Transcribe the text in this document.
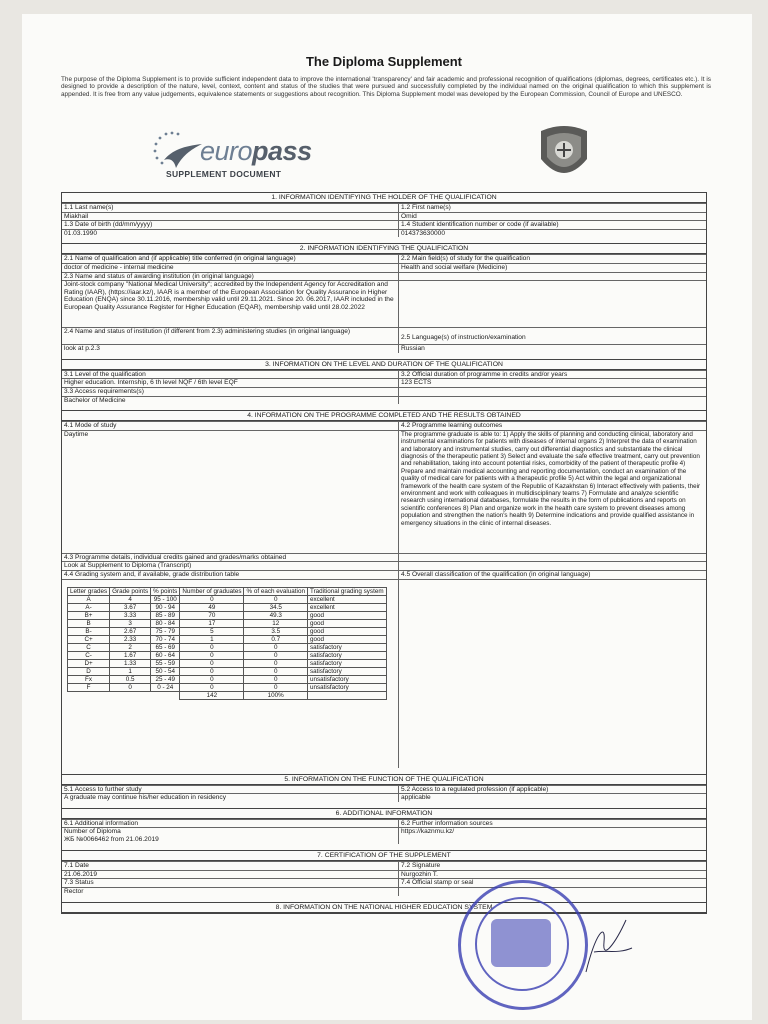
The Diploma Supplement
The purpose of the Diploma Supplement is to provide sufficient independent data to improve the international 'transparency' and fair academic and professional recognition of qualifications (diplomas, degrees, certificates etc.). It is designed to provide a description of the nature, level, context, content and status of the studies that were pursued and successfully completed by the individual named on the original qualification to which this supplement is appended. It is free from any value judgements, equivalence statements or suggestions about recognition. This Diploma Supplement model was developed by the European Commission, Council of Europe and UNESCO.
europass
SUPPLEMENT DOCUMENT
1. INFORMATION IDENTIFYING THE HOLDER OF THE QUALIFICATION
1.1 Last name(s)	1.2 First name(s)
Miakhail	Omid
1.3 Date of birth (dd/mm/yyyy)	1.4 Student identification number or code (if available)
01.03.1990	014373630000
2. INFORMATION IDENTIFYING THE QUALIFICATION
2.1 Name of qualification and (if applicable) title conferred (in original language)	2.2 Main field(s) of study for the qualification
doctor of medicine - internal medicine	Health and social welfare (Medicine)
2.3 Name and status of awarding institution (in original language)
Joint-stock company "National Medical University"; accredited by the Independent Agency for Accreditation and Rating (IAAR), (https://iaar.kz/), IAAR is a member of the European Association for Quality Assurance in Higher Education (ENQA) since 30.11.2016, membership valid until 29.11.2021. Since 20. 06.2017, IAAR included in the European Quality Assurance Register for Higher Education (EQAR), membership valid until 28.02.2022
2.4 Name and status of institution (if different from 2.3) administering studies (in original language)
2.5 Language(s) of instruction/examination
look at p.2.3	Russian
3. INFORMATION ON THE LEVEL AND DURATION OF THE QUALIFICATION
3.1 Level of the qualification	3.2 Official duration of programme in credits and/or years
Higher education. Internship, 6 th level NQF / 6th level EQF	123 ECTS
3.3 Access requirements(s)
Bachelor of Medicine
4. INFORMATION ON THE PROGRAMME COMPLETED AND THE RESULTS OBTAINED
4.1 Mode of study	4.2 Programme learning outcomes
Daytime	The programme graduate is able to: 1) Apply the skills of planning and conducting clinical, laboratory and instrumental examinations for patients with diseases of internal organs 2) Interpret the data of examination and laboratory and instrumental studies, carry out differential diagnostics and substantiate the clinical diagnosis of the therapeutic patient 3) Select and evaluate the safe effective treatment, carry out prevention and rehabilitation, taking into account potential risks, comorbidity of the patient of therapeutic profile 4) Prepare and maintain medical accounting and reporting documentation, conduct an examination of the quality of medical care for patients with a therapeutic profile 5) Act within the legal and organizational framework of the health care system of the Republic of Kazakhstan 6) Interact effectively with patients, their environment and work with colleagues in multidisciplinary teams 7) Formulate and analyze scientific research using international databases, formulate the results in the form of publications and reports on scientific conferences 8) Plan and organize work in the health care system to prevent diseases among population and strengthen the nation's health 9) Determine indications and provide qualified assistance in emergency situations in the clinic of internal diseases.
4.3 Programme details, individual credits gained and grades/marks obtained
Look at Supplement to Diploma (Transcript)
4.4 Grading system and, if available, grade distribution table	4.5 Overall classification of the qualification (in original language)
Letter grades	Grade points	% points	Number of graduates	% of each evaluation	Traditional grading system
A	4	95 - 100	0	0	excellent
A-	3.67	90 - 94	49	34.5	excellent
B+	3.33	85 - 89	70	49.3	good
B	3	80 - 84	17	12	good
B-	2.67	75 - 79	5	3.5	good
C+	2.33	70 - 74	1	0.7	good
C	2	65 - 69	0	0	satisfactory
C-	1.67	60 - 64	0	0	satisfactory
D+	1.33	55 - 59	0	0	satisfactory
D	1	50 - 54	0	0	satisfactory
Fx	0.5	25 - 49	0	0	unsatisfactory
F	0	0 - 24	0	0	unsatisfactory
			142	100%	
5. INFORMATION ON THE FUNCTION OF THE QUALIFICATION
5.1 Access to further study	5.2 Access to a regulated profession (if applicable)
A graduate may continue his/her education in residency	applicable
6. ADDITIONAL INFORMATION
6.1 Additional information	6.2 Further information sources
Number of Diploma
ЖБ №0066462 from 21.06.2019
https://kaznmu.kz/
7. CERTIFICATION OF THE SUPPLEMENT
7.1 Date	7.2 Signature
21.06.2019	Nurgozhin T.
7.3 Status	7.4 Official stamp or seal
Rector
8. INFORMATION ON THE NATIONAL HIGHER EDUCATION SYSTEM
